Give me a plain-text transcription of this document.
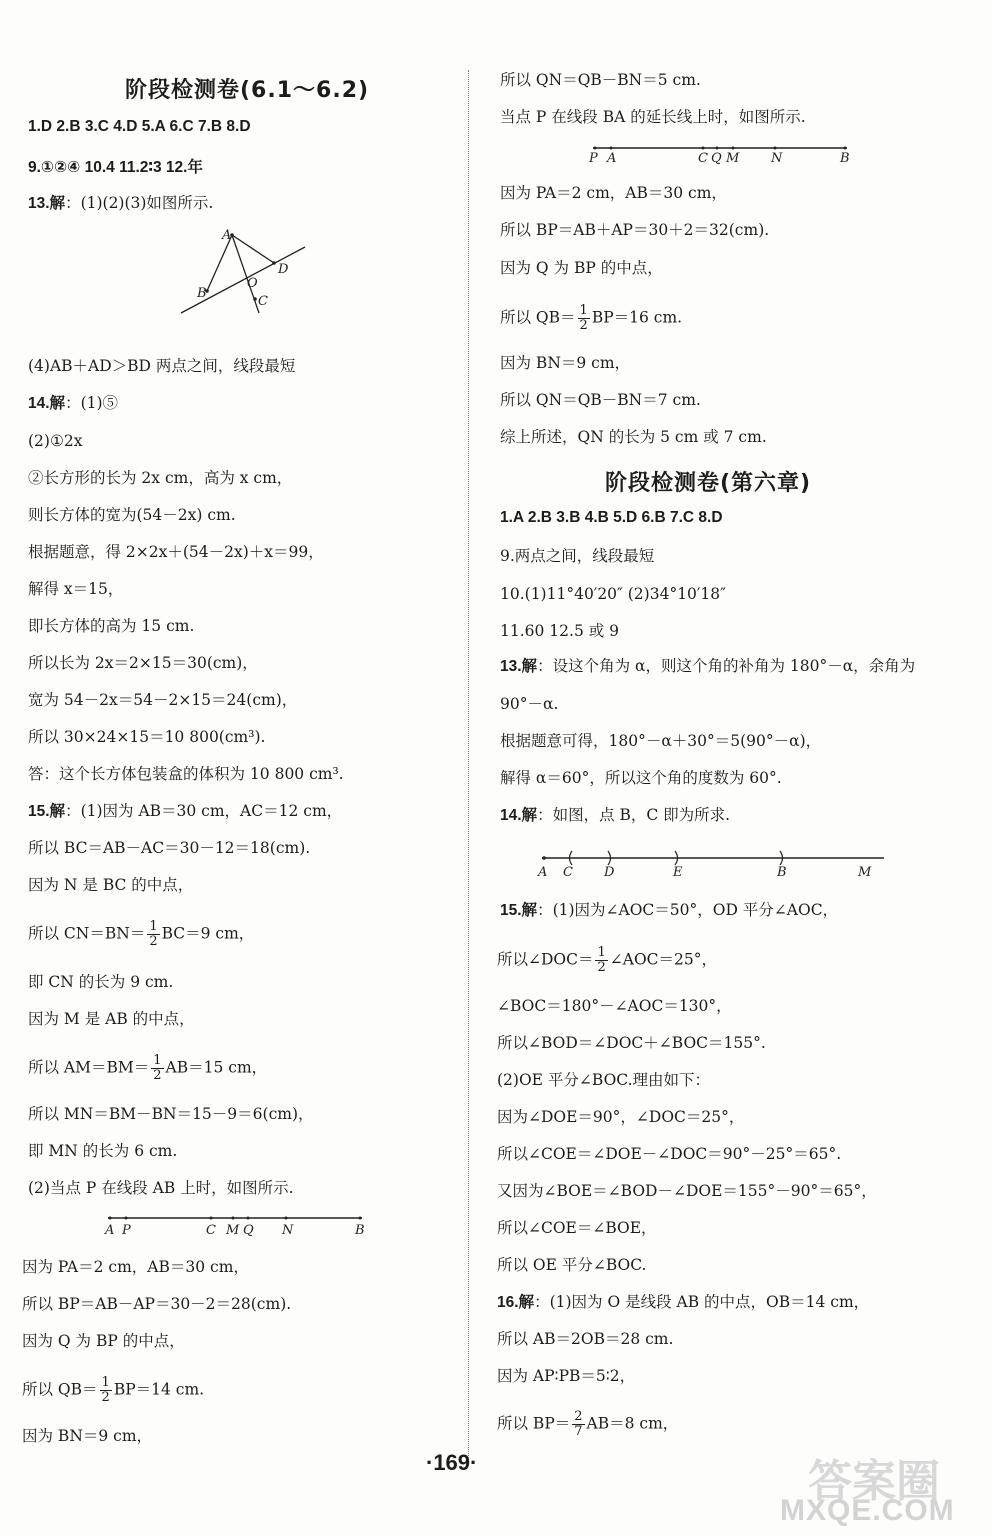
阶段检测卷(6.1～6.2)
1.D 2.B 3.C 4.D 5.A 6.C 7.B 8.D
9.①②④ 10.4 11.2∶3 12.年
13.解：(1)(2)(3)如图所示.
A
B
O
C
D
(4)AB＋AD＞BD 两点之间，线段最短
14.解：(1)⑤
(2)①2x
②长方形的长为 2x cm，高为 x cm，
则长方体的宽为(54－2x) cm.
根据题意，得 2×2x＋(54－2x)＋x＝99，
解得 x＝15，
即长方体的高为 15 cm.
所以长为 2x＝2×15＝30(cm)，
宽为 54－2x＝54－2×15＝24(cm)，
所以 30×24×15＝10 800(cm³).
答：这个长方体包装盒的体积为 10 800 cm³.
15.解：(1)因为 AB＝30 cm，AC＝12 cm，
所以 BC＝AB－AC＝30－12＝18(cm).
因为 N 是 BC 的中点，
所以 $CN=BN= \frac{1}{2} BC=9$ cm，
即 CN 的长为 9 cm.
因为 M 是 AB 的中点，
所以 $AM=BM= \frac{1}{2} AB=15$ cm，
所以 MN＝BM－BN＝15－9＝6(cm)，
即 MN 的长为 6 cm.
(2)当点 P 在线段 AB 上时，如图所示.
A P	C M Q N	B
因为 PA＝2 cm，AB＝30 cm，
所以 BP＝AB－AP＝30－2＝28(cm).
因为 Q 为 BP 的中点，
所以 $QB= \frac{1}{2} BP=14$ cm.
因为 BN＝9 cm，
所以 QN＝QB－BN＝5 cm.
当点 P 在线段 BA 的延长线上时，如图所示.
P A	C Q M N	B
因为 PA＝2 cm，AB＝30 cm，
所以 BP＝AB＋AP＝30＋2＝32(cm).
因为 Q 为 BP 的中点，
所以 $QB= \frac{1}{2} BP=16$ cm.
因为 BN＝9 cm，
所以 QN＝QB－BN＝7 cm.
综上所述，QN 的长为 5 cm 或 7 cm.
阶段检测卷(第六章)
1.A 2.B 3.B 4.B 5.D 6.B 7.C 8.D
9.两点之间，线段最短
10.(1)11°40′20″ (2)34°10′18″
11.60 12.5 或 9
13.解：设这个角为 α，则这个角的补角为 180°－α，余角为
90°－α.
根据题意可得，180°－α＋30°＝5(90°－α)，
解得 α＝60°，所以这个角的度数为 60°.
14.解：如图，点 B，C 即为所求.
A C D	E	B	M
15.解：(1)因为∠AOC＝50°，OD 平分∠AOC，
所以∠DOC＝ $\frac{1}{2}$ ∠AOC＝25°，
∠BOC＝180°－∠AOC＝130°，
所以∠BOD＝∠DOC＋∠BOC＝155°.
(2)OE 平分∠BOC.理由如下：
因为∠DOE＝90°，∠DOC＝25°，
所以∠COE＝∠DOE－∠DOC＝90°－25°＝65°.
又因为∠BOE＝∠BOD－∠DOE＝155°－90°＝65°，
所以∠COE＝∠BOE，
所以 OE 平分∠BOC.
16.解：(1)因为 O 是线段 AB 的中点，OB＝14 cm，
所以 AB＝2OB＝28 cm.
因为 AP∶PB＝5∶2，
所以 $BP= \frac{2}{7} AB=8$ cm，
·169·	答案圈
MXQE.COM
